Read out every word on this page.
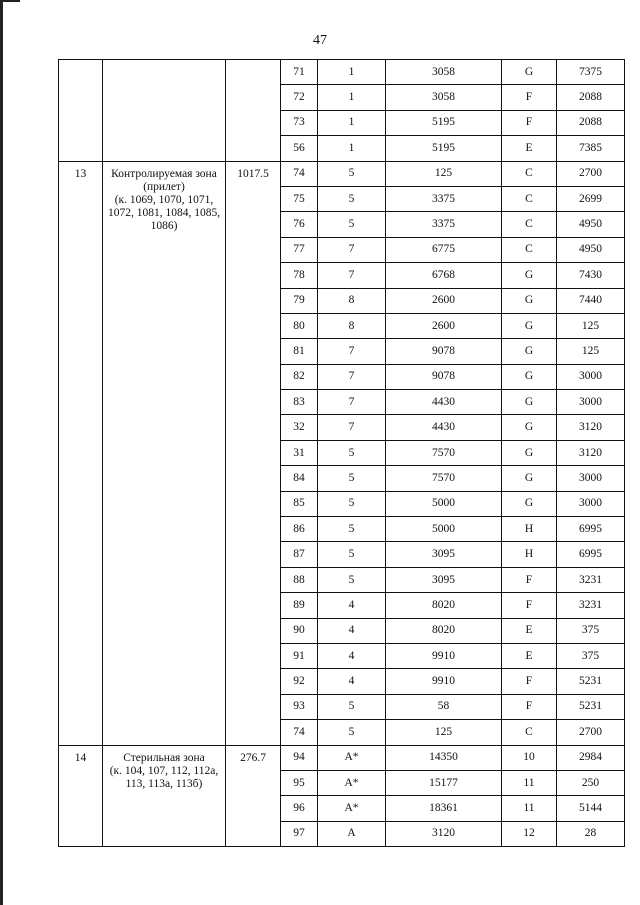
47
			71	1	3058	G	7375
			72	1	3058	F	2088
			73	1	5195	F	2088
			56	1	5195	E	7385
13	Контролируемая зона
(прилет)
(к. 1069, 1070, 1071,
1072, 1081, 1084, 1085,
1086)	1017.5	74	5	125	C	2700
			75	5	3375	C	2699
			76	5	3375	C	4950
			77	7	6775	C	4950
			78	7	6768	G	7430
			79	8	2600	G	7440
			80	8	2600	G	125
			81	7	9078	G	125
			82	7	9078	G	3000
			83	7	4430	G	3000
			32	7	4430	G	3120
			31	5	7570	G	3120
			84	5	7570	G	3000
			85	5	5000	G	3000
			86	5	5000	H	6995
			87	5	3095	H	6995
			88	5	3095	F	3231
			89	4	8020	F	3231
			90	4	8020	E	375
			91	4	9910	E	375
			92	4	9910	F	5231
			93	5	58	F	5231
			74	5	125	C	2700
14	Стерильная зона
(к. 104, 107, 112, 112а,
113, 113а, 113б)	276.7	94	А*	14350	10	2984
			95	А*	15177	11	250
			96	А*	18361	11	5144
			97	А	3120	12	28
